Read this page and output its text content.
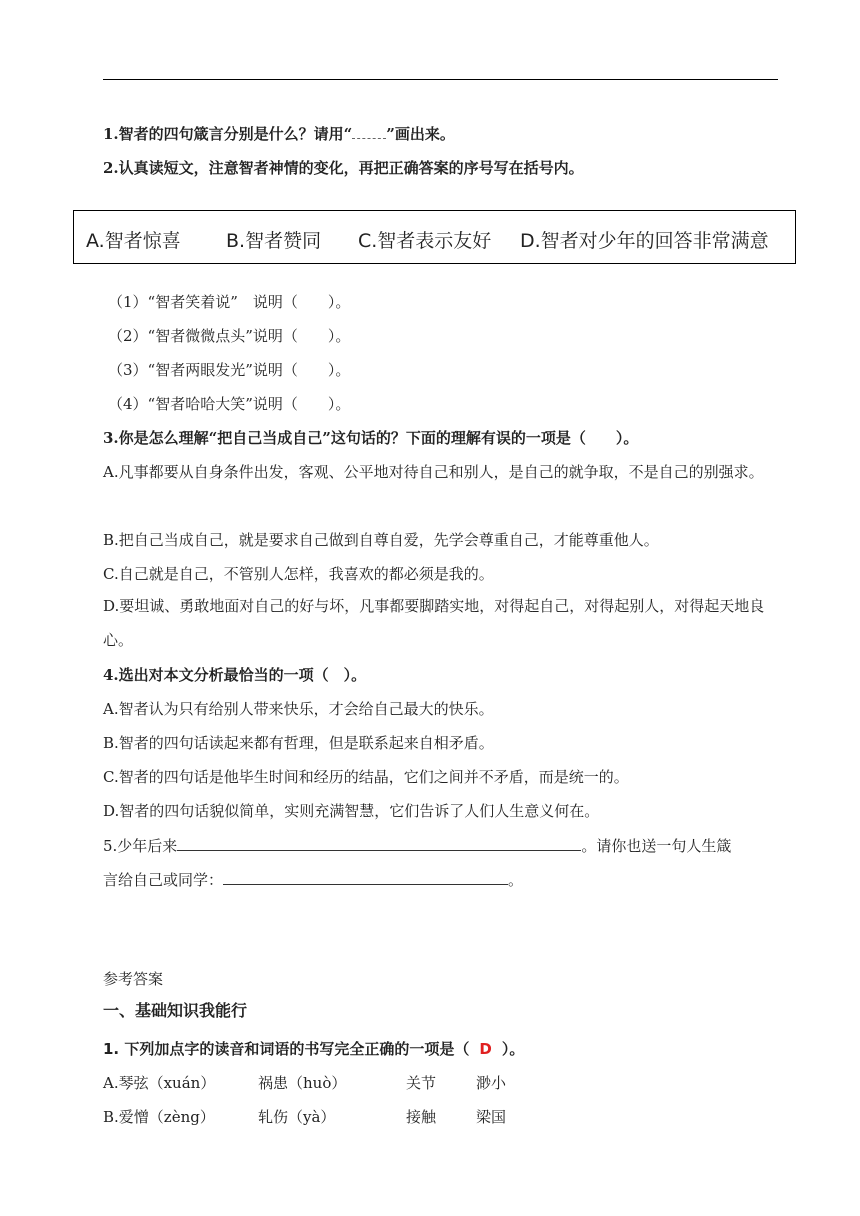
1.智者的四句箴言分别是什么？请用“ ”画出来。
2.认真读短文，注意智者神情的变化，再把正确答案的序号写在括号内。
A.智者惊喜 B.智者赞同 C.智者表示友好 D.智者对少年的回答非常满意
（1）“智者笑着说”　说明（　　）。
（2）“智者微微点头”说明（　　）。
（3）“智者两眼发光”说明（　　）。
（4）“智者哈哈大笑”说明（　　）。
3.你是怎么理解“把自己当成自己”这句话的？下面的理解有误的一项是（　　）。
A.凡事都要从自身条件出发，客观、公平地对待自己和别人，是自己的就争取，不是自己的别强求。
B.把自己当成自己，就是要求自己做到自尊自爱，先学会尊重自己，才能尊重他人。
C.自己就是自己，不管别人怎样，我喜欢的都必须是我的。
D.要坦诚、勇敢地面对自己的好与坏，凡事都要脚踏实地，对得起自己，对得起别人，对得起天地良心。
4.选出对本文分析最恰当的一项（　）。
A.智者认为只有给别人带来快乐，才会给自己最大的快乐。
B.智者的四句话读起来都有哲理，但是联系起来自相矛盾。
C.智者的四句话是他毕生时间和经历的结晶，它们之间并不矛盾，而是统一的。
D.智者的四句话貌似简单，实则充满智慧，它们告诉了人们人生意义何在。
5.少年后来	。请你也送一句人生箴
言给自己或同学：	。
参考答案
一、基础知识我能行
1. 下列加点字的读音和词语的书写完全正确的一项是（ D ）。
A.琴弦（xuán）	祸患（huò）	关节	渺小
B.爱憎（zèng）	轧伤（yà）	接触	梁国
